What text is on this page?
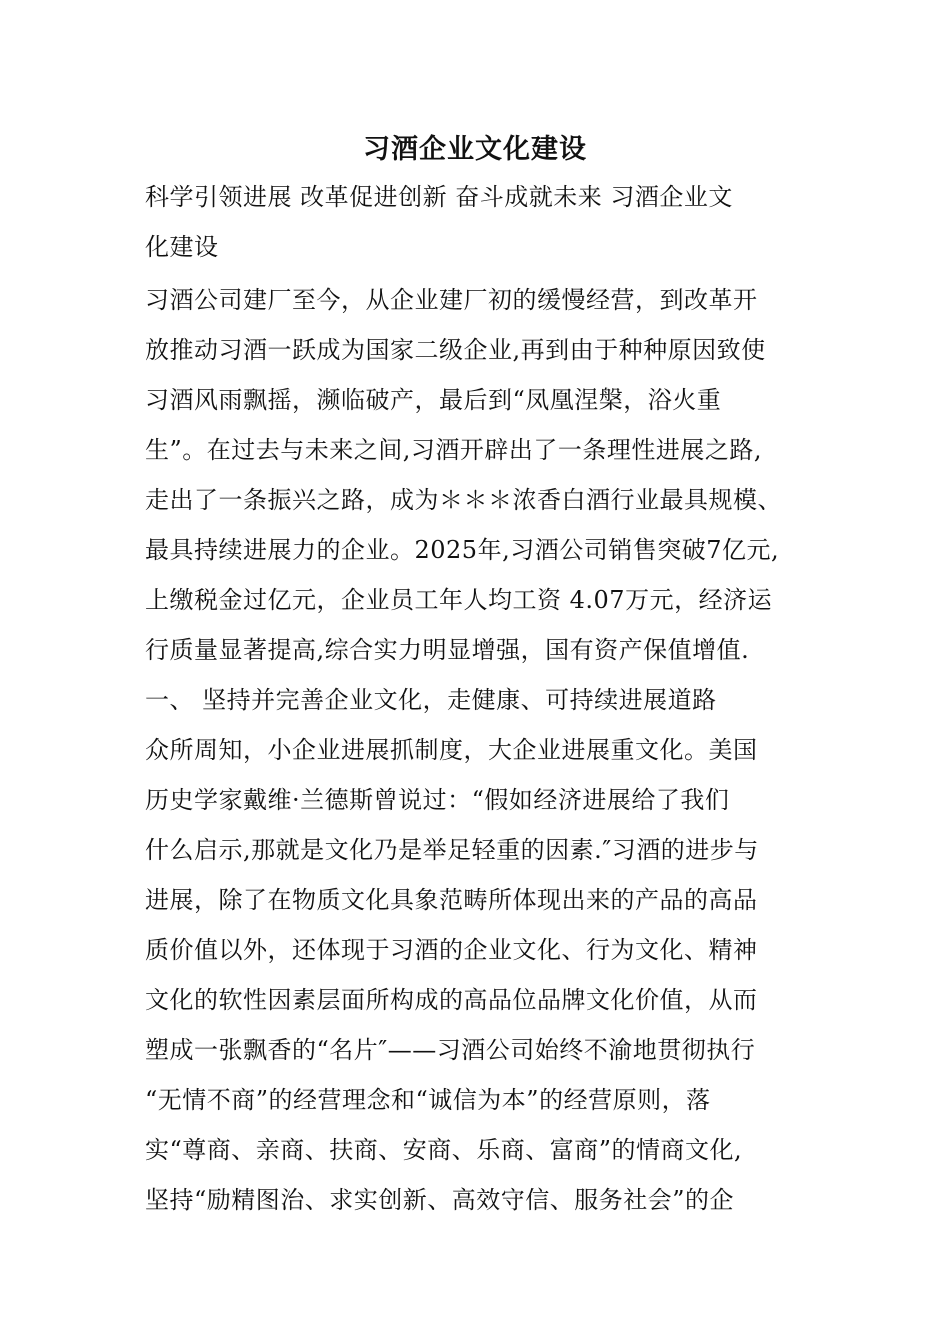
习酒企业文化建设
科学引领进展 改革促进创新 奋斗成就未来 习酒企业文
化建设
习酒公司建厂至今，从企业建厂初的缓慢经营，到改革开
放推动习酒一跃成为国家二级企业,再到由于种种原因致使
习酒风雨飘摇，濒临破产，最后到“凤凰涅槃，浴火重
生”。在过去与未来之间,习酒开辟出了一条理性进展之路,
走出了一条振兴之路，成为＊＊＊浓香白酒行业最具规模、
最具持续进展力的企业。2025年,习酒公司销售突破7亿元,
上缴税金过亿元，企业员工年人均工资 4.07万元，经济运
行质量显著提高,综合实力明显增强，国有资产保值增值.
一、 坚持并完善企业文化，走健康、可持续进展道路
众所周知，小企业进展抓制度，大企业进展重文化。美国
历史学家戴维·兰德斯曾说过：“假如经济进展给了我们
什么启示,那就是文化乃是举足轻重的因素.″习酒的进步与
进展，除了在物质文化具象范畴所体现出来的产品的高品
质价值以外，还体现于习酒的企业文化、行为文化、精神
文化的软性因素层面所构成的高品位品牌文化价值，从而
塑成一张飘香的“名片″——习酒公司始终不渝地贯彻执行
“无情不商”的经营理念和“诚信为本”的经营原则，落
实“尊商、亲商、扶商、安商、乐商、富商”的情商文化,
坚持“励精图治、求实创新、高效守信、服务社会”的企
